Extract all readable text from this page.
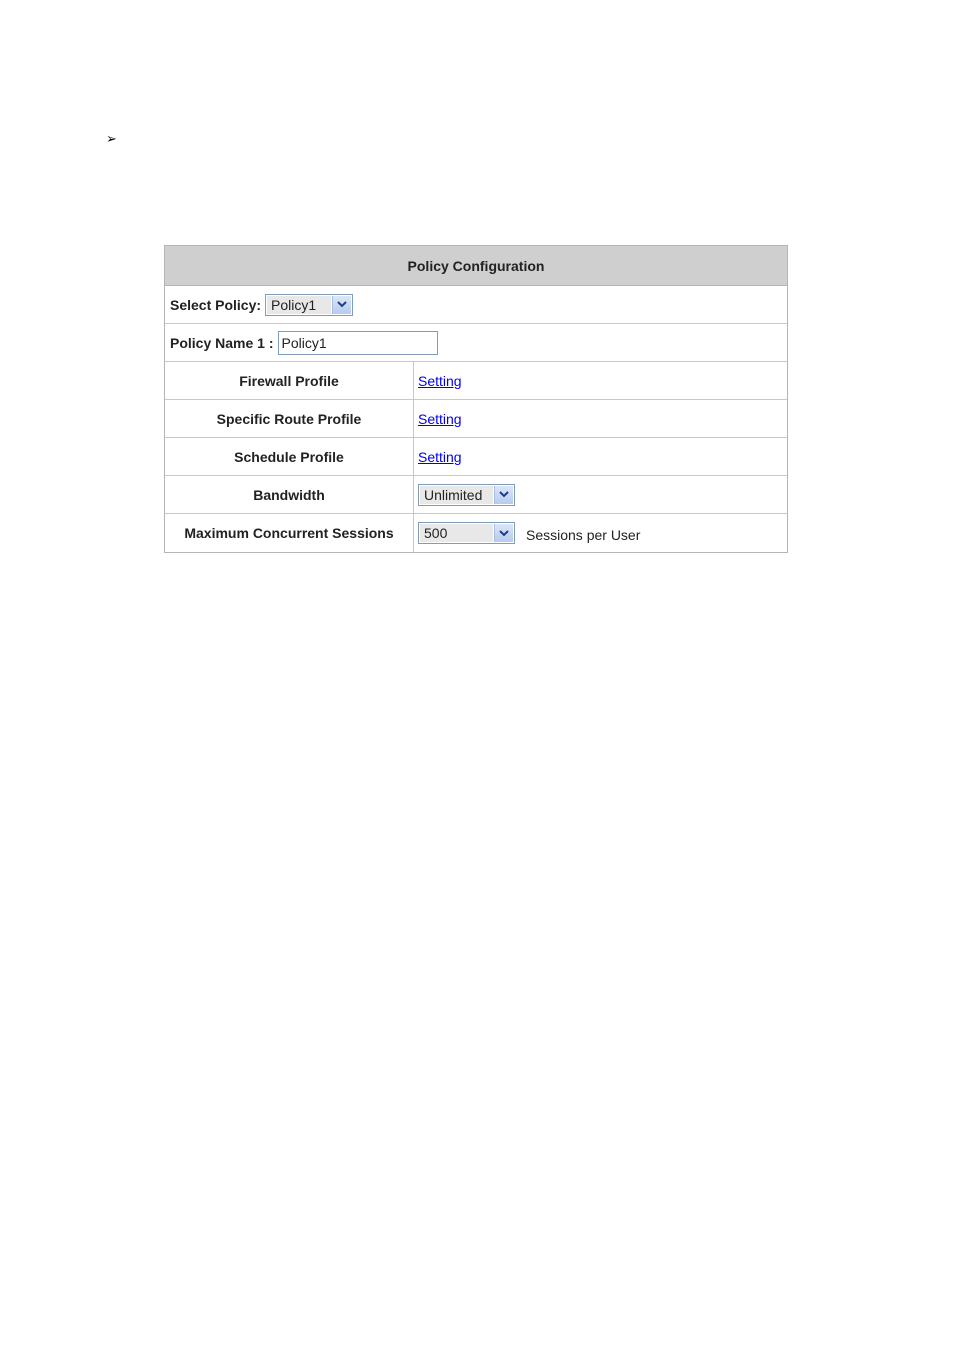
➢
Policy Configuration
Select Policy: Policy1
Policy Name 1 : Policy1
Firewall Profile	Setting
Specific Route Profile	Setting
Schedule Profile	Setting
Bandwidth	Unlimited
Maximum Concurrent Sessions	500	Sessions per User
